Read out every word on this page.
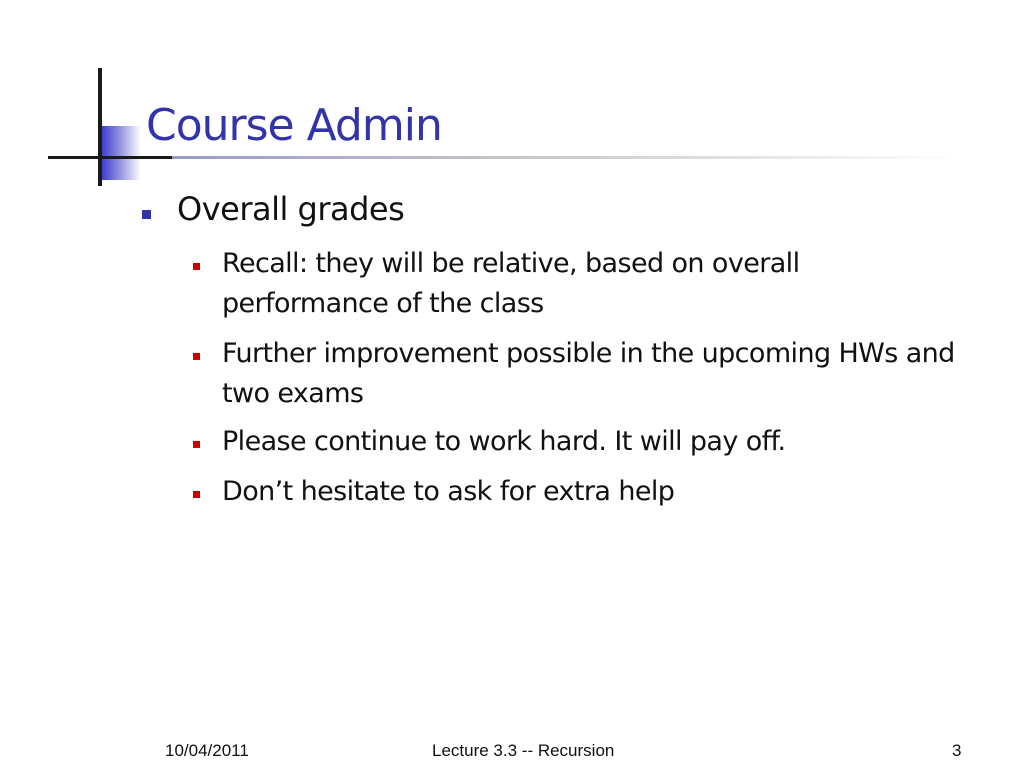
Course Admin
Overall grades
Recall: they will be relative, based on overall performance of the class
Further improvement possible in the upcoming HWs and two exams
Please continue to work hard. It will pay off.
Don’t hesitate to ask for extra help
10/04/2011	Lecture 3.3 -- Recursion	3
